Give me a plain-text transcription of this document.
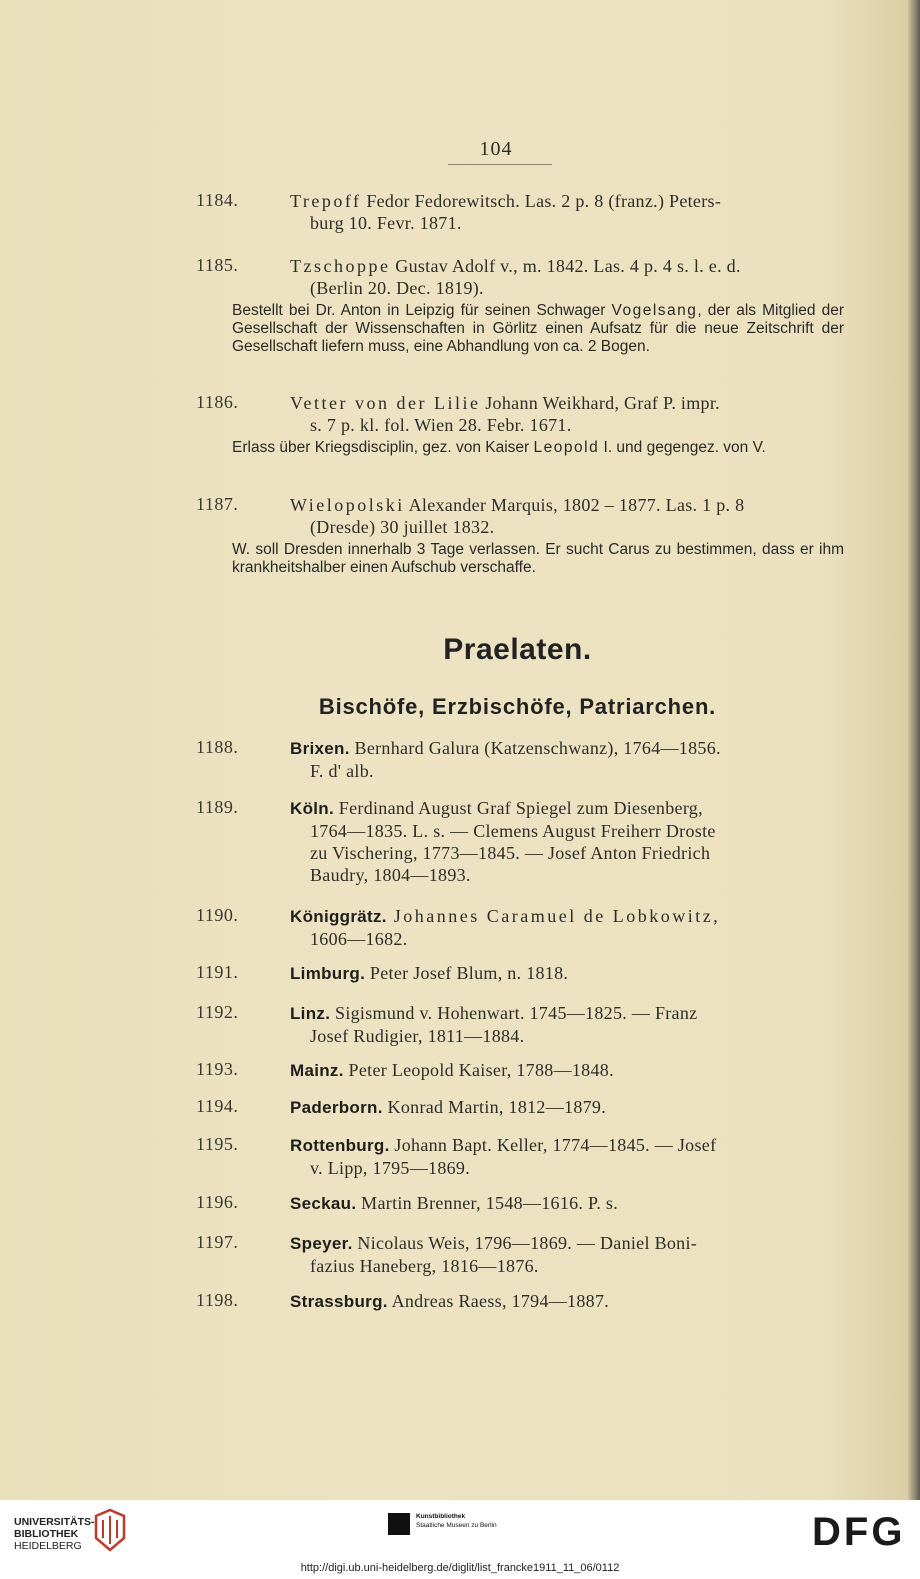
104
1184.	Trepoff Fedor Fedorewitsch. Las. 2 p. 8 (franz.) Peters-
burg 10. Fevr. 1871.
1185.	Tzschoppe Gustav Adolf v., m. 1842. Las. 4 p. 4 s. l. e. d.
(Berlin 20. Dec. 1819).
Bestellt bei Dr. Anton in Leipzig für seinen Schwager Vogelsang, der als Mitglied der Gesellschaft der Wissenschaften in Görlitz einen Aufsatz für die neue Zeitschrift der Gesellschaft liefern muss, eine Abhandlung von ca. 2 Bogen.
1186.	Vetter von der Lilie Johann Weikhard, Graf P. impr.
s. 7 p. kl. fol. Wien 28. Febr. 1671.
Erlass über Kriegsdisciplin, gez. von Kaiser Leopold I. und gegengez. von V.
1187.	Wielopolski Alexander Marquis, 1802 – 1877. Las. 1 p. 8
(Dresde) 30 juillet 1832.
W. soll Dresden innerhalb 3 Tage verlassen. Er sucht Carus zu bestimmen, dass er ihm krankheitshalber einen Aufschub verschaffe.
Praelaten.
Bischöfe, Erzbischöfe, Patriarchen.
1188.	Brixen. Bernhard Galura (Katzenschwanz), 1764—1856.
F. d' alb.
1189.	Köln. Ferdinand August Graf Spiegel zum Diesenberg,
1764—1835. L. s. — Clemens August Freiherr Droste
zu Vischering, 1773—1845. — Josef Anton Friedrich
Baudry, 1804—1893.
1190.	Königgrätz. Johannes Caramuel de Lobkowitz,
1606—1682.
1191.	Limburg. Peter Josef Blum, n. 1818.
1192.	Linz. Sigismund v. Hohenwart. 1745—1825. — Franz
Josef Rudigier, 1811—1884.
1193.	Mainz. Peter Leopold Kaiser, 1788—1848.
1194.	Paderborn. Konrad Martin, 1812—1879.
1195.	Rottenburg. Johann Bapt. Keller, 1774—1845. — Josef
v. Lipp, 1795—1869.
1196.	Seckau. Martin Brenner, 1548—1616. P. s.
1197.	Speyer. Nicolaus Weis, 1796—1869. — Daniel Boni-
fazius Haneberg, 1816—1876.
1198.	Strassburg. Andreas Raess, 1794—1887.
UNIVERSITÄTS-
BIBLIOTHEK
HEIDELBERG
Kunstbibliothek
Staatliche Museen zu Berlin	DFG
http://digi.ub.uni-heidelberg.de/diglit/list_francke1911_11_06/0112
